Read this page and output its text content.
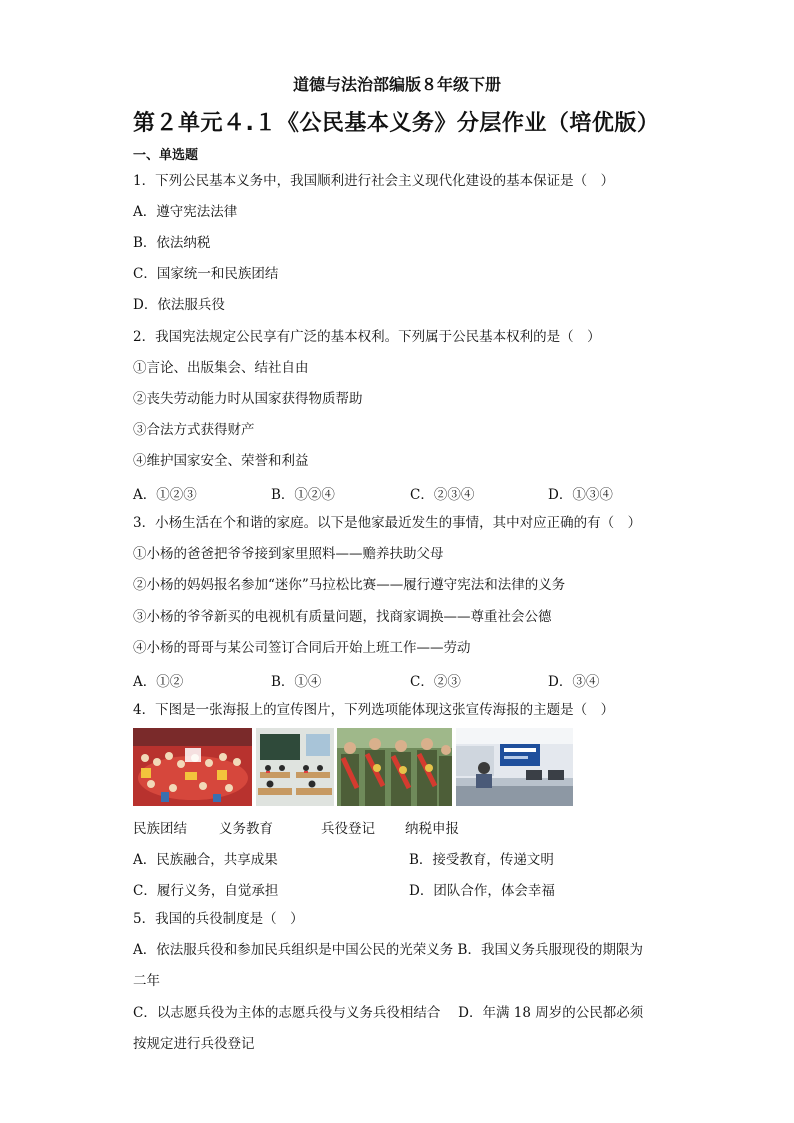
道德与法治部编版８年级下册
第２单元４.１《公民基本义务》分层作业（培优版）
一、单选题
1．下列公民基本义务中，我国顺利进行社会主义现代化建设的基本保证是（　）
A．遵守宪法法律
B．依法纳税
C．国家统一和民族团结
D．依法服兵役
2．我国宪法规定公民享有广泛的基本权利。下列属于公民基本权利的是（　）
①言论、出版集会、结社自由
②丧失劳动能力时从国家获得物质帮助
③合法方式获得财产
④维护国家安全、荣誉和利益
A．①②③	B．①②④	C．②③④	D．①③④
3．小杨生活在个和谐的家庭。以下是他家最近发生的事情，其中对应正确的有（　）
①小杨的爸爸把爷爷接到家里照料——赡养扶助父母
②小杨的妈妈报名参加“迷你”马拉松比赛——履行遵守宪法和法律的义务
③小杨的爷爷新买的电视机有质量问题，找商家调换——尊重社会公德
④小杨的哥哥与某公司签订合同后开始上班工作——劳动
A．①②	B．①④	C．②③	D．③④
4．下图是一张海报上的宣传图片，下列选项能体现这张宣传海报的主题是（　）
民族团结 义务教育	兵役登记 纳税申报
A．民族融合，共享成果	B．接受教育，传递文明
C．履行义务，自觉承担	D．团队合作，体会幸福
5．我国的兵役制度是（　）
A．依法服兵役和参加民兵组织是中国公民的光荣义务 B．我国义务兵服现役的期限为
二年
C．以志愿兵役为主体的志愿兵役与义务兵役相结合　 D．年满 18 周岁的公民都必须
按规定进行兵役登记
